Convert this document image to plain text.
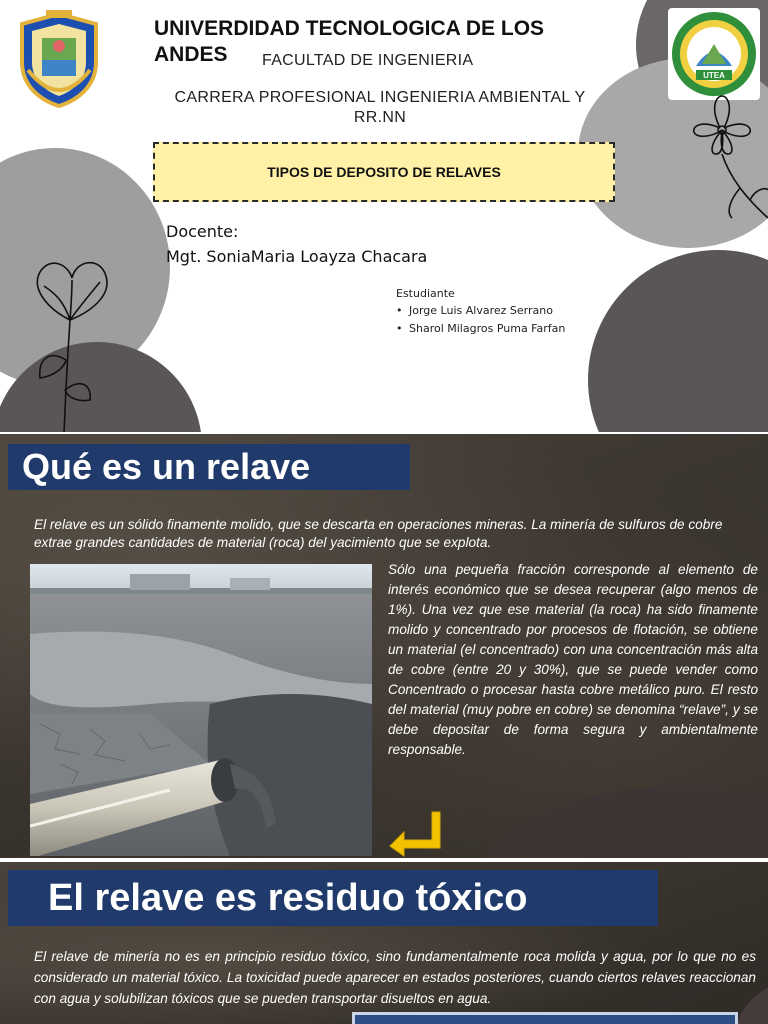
UTEA
UNIVERDIDAD TECNOLOGICA DE LOS ANDES	FACULTAD DE INGENIERIA
CARRERA PROFESIONAL INGENIERIA AMBIENTAL Y RR.NN
TIPOS DE DEPOSITO DE RELAVES
Docente:
Mgt. SoniaMaria Loayza Chacara
Estudiante
• Jorge Luis Alvarez Serrano
• Sharol Milagros Puma Farfan
Qué es un relave
El relave es un sólido finamente molido, que se descarta en operaciones mineras. La minería de sulfuros de cobre extrae grandes cantidades de material (roca) del yacimiento que se explota.
Sólo una pequeña fracción corresponde al elemento de interés económico que se desea recuperar (algo menos de 1%). Una vez que ese material (la roca) ha sido finamente molido y concentrado por procesos de flotación, se obtiene un material (el concentrado) con una concentración más alta de cobre (entre 20 y 30%), que se puede vender como Concentrado o procesar hasta cobre metálico puro. El resto del material (muy pobre en cobre) se denomina “relave”, y se debe depositar de forma segura y ambientalmente responsable.
El relave es residuo tóxico
El relave de minería no es en principio residuo tóxico, sino fundamentalmente roca molida y agua, por lo que no es considerado un material tóxico. La toxicidad puede aparecer en estados posteriores, cuando ciertos relaves reaccionan con agua y solubilizan tóxicos que se pueden transportar disueltos en agua.
